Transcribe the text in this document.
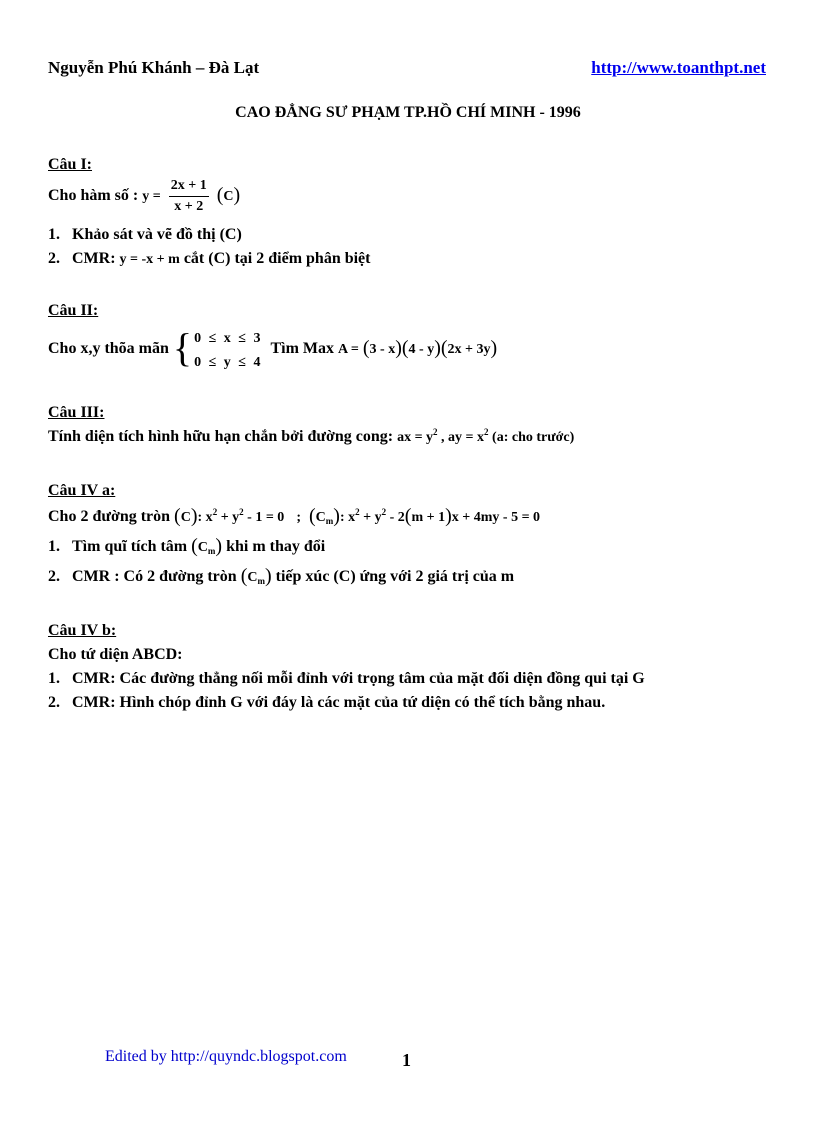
Nguyễn Phú Khánh – Đà Lạt	http://www.toanthpt.net
CAO ĐẲNG SƯ PHẠM TP.HỒ CHÍ MINH - 1996
Câu I:
Cho hàm số : $y = \frac{2x + 1}{x + 2} (C)$
1. Khảo sát và vẽ đồ thị (C)
2. CMR: y = -x + m cắt (C) tại 2 điểm phân biệt
Câu II:
Cho x,y thõa mãn { 0 ≤ x ≤ 3
0 ≤ y ≤ 4
Tìm Max A = (3 - x)(4 - y)(2x + 3y)
Câu III:
Tính diện tích hình hữu hạn chắn bởi đường cong: ax = $y^2$ , ay = $x^2$ (a: cho trước)
Câu IV a:
Cho 2 đường tròn (C): $x^2 + y^2 - 1 = 0$ ; $(C_m)$: $x^2 + y^2 - 2(m + 1)x + 4my - 5 = 0$
1. Tìm quĩ tích tâm $(C_m)$ khi m thay đổi
2. CMR : Có 2 đường tròn $(C_m)$ tiếp xúc (C) ứng với 2 giá trị của m
Câu IV b:
Cho tứ diện ABCD:
1. CMR: Các đường thẳng nối mỗi đỉnh với trọng tâm của mặt đối diện đồng qui tại G
2. CMR: Hình chóp đỉnh G với đáy là các mặt của tứ diện có thể tích bằng nhau.
Edited by http://quyndc.blogspot.com	1
